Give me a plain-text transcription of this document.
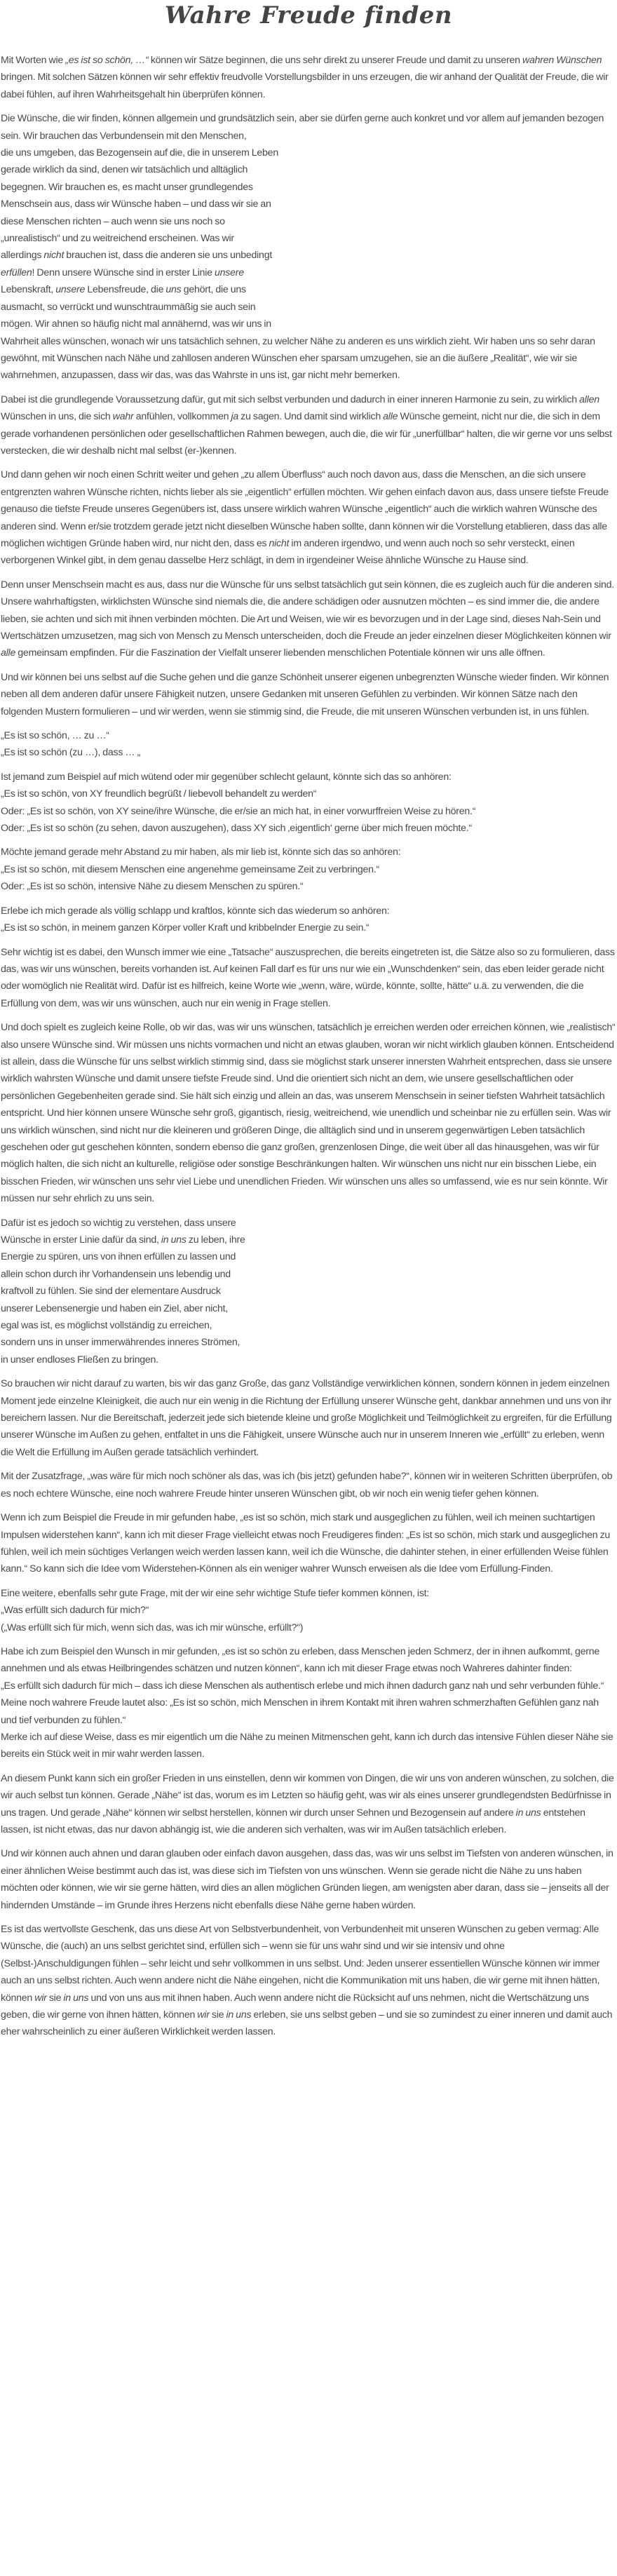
Wahre Freude finden

Mit Worten wie „es ist so schön, …“ können wir Sätze beginnen, die uns sehr direkt zu unserer Freude und damit zu unseren wahren Wünschen bringen. Mit solchen Sätzen können wir sehr effektiv freudvolle Vorstellungsbilder in uns erzeugen, die wir anhand der Qualität der Freude, die wir dabei fühlen, auf ihren Wahrheitsgehalt hin überprüfen können.

Die Wünsche, die wir finden, können allgemein und grundsätzlich sein, aber sie dürfen gerne auch konkret und vor allem auf jemanden bezogen sein. Wir brauchen das Verbundensein mit den Menschen,
die uns umgeben, das Bezogensein auf die, die in unserem Leben
gerade wirklich da sind, denen wir tatsächlich und alltäglich
begegnen. Wir brauchen es, es macht unser grundlegendes
Menschsein aus, dass wir Wünsche haben – und dass wir sie an
diese Menschen richten – auch wenn sie uns noch so
„unrealistisch“ und zu weitreichend erscheinen. Was wir
allerdings nicht brauchen ist, dass die anderen sie uns unbedingt
erfüllen! Denn unsere Wünsche sind in erster Linie unsere
Lebenskraft, unsere Lebensfreude, die uns gehört, die uns
ausmacht, so verrückt und wunschtraummäßig sie auch sein
mögen. Wir ahnen so häufig nicht mal annähernd, was wir uns in
Wahrheit alles wünschen, wonach wir uns tatsächlich sehnen, zu welcher Nähe zu anderen es uns wirklich zieht. Wir haben uns so sehr daran gewöhnt, mit Wünschen nach Nähe und zahllosen anderen Wünschen eher sparsam umzugehen, sie an die äußere „Realität“, wie wir sie wahrnehmen, anzupassen, dass wir das, was das Wahrste in uns ist, gar nicht mehr bemerken.

Dabei ist die grundlegende Voraussetzung dafür, gut mit sich selbst verbunden und dadurch in einer inneren Harmonie zu sein, zu wirklich allen Wünschen in uns, die sich wahr anfühlen, vollkommen ja zu sagen. Und damit sind wirklich alle Wünsche gemeint, nicht nur die, die sich in dem gerade vorhandenen persönlichen oder gesellschaftlichen Rahmen bewegen, auch die, die wir für „unerfüllbar“ halten, die wir gerne vor uns selbst verstecken, die wir deshalb nicht mal selbst (er-)kennen.

Und dann gehen wir noch einen Schritt weiter und gehen „zu allem Überfluss“ auch noch davon aus, dass die Menschen, an die sich unsere entgrenzten wahren Wünsche richten, nichts lieber als sie „eigentlich“ erfüllen möchten. Wir gehen einfach davon aus, dass unsere tiefste Freude genauso die tiefste Freude unseres Gegenübers ist, dass unsere wirklich wahren Wünsche „eigentlich“ auch die wirklich wahren Wünsche des anderen sind. Wenn er/sie trotzdem gerade jetzt nicht dieselben Wünsche haben sollte, dann können wir die Vorstellung etablieren, dass das alle möglichen wichtigen Gründe haben wird, nur nicht den, dass es nicht im anderen irgendwo, und wenn auch noch so sehr versteckt, einen verborgenen Winkel gibt, in dem genau dasselbe Herz schlägt, in dem in irgendeiner Weise ähnliche Wünsche zu Hause sind.

Denn unser Menschsein macht es aus, dass nur die Wünsche für uns selbst tatsächlich gut sein können, die es zugleich auch für die anderen sind. Unsere wahrhaftigsten, wirklichsten Wünsche sind niemals die, die andere schädigen oder ausnutzen möchten – es sind immer die, die andere lieben, sie achten und sich mit ihnen verbinden möchten. Die Art und Weisen, wie wir es bevorzugen und in der Lage sind, dieses Nah-Sein und Wertschätzen umzusetzen, mag sich von Mensch zu Mensch unterscheiden, doch die Freude an jeder einzelnen dieser Möglichkeiten können wir alle gemeinsam empfinden. Für die Faszination der Vielfalt unserer liebenden menschlichen Potentiale können wir uns alle öffnen.

Und wir können bei uns selbst auf die Suche gehen und die ganze Schönheit unserer eigenen unbegrenzten Wünsche wieder finden. Wir können neben all dem anderen dafür unsere Fähigkeit nutzen, unsere Gedanken mit unseren Gefühlen zu verbinden. Wir können Sätze nach den folgenden Mustern formulieren – und wir werden, wenn sie stimmig sind, die Freude, die mit unseren Wünschen verbunden ist, in uns fühlen.

„Es ist so schön, … zu …“
„Es ist so schön (zu …), dass … „

Ist jemand zum Beispiel auf mich wütend oder mir gegenüber schlecht gelaunt, könnte sich das so anhören:
„Es ist so schön, von XY freundlich begrüßt / liebevoll behandelt zu werden“
Oder: „Es ist so schön, von XY seine/ihre Wünsche, die er/sie an mich hat, in einer vorwurffreien Weise zu hören.“
Oder: „Es ist so schön (zu sehen, davon auszugehen), dass XY sich ‚eigentlich‘ gerne über mich freuen möchte.“

Möchte jemand gerade mehr Abstand zu mir haben, als mir lieb ist, könnte sich das so anhören:
„Es ist so schön, mit diesem Menschen eine angenehme gemeinsame Zeit zu verbringen.“
Oder: „Es ist so schön, intensive Nähe zu diesem Menschen zu spüren.“

Erlebe ich mich gerade als völlig schlapp und kraftlos, könnte sich das wiederum so anhören:
„Es ist so schön, in meinem ganzen Körper voller Kraft und kribbelnder Energie zu sein.“

Sehr wichtig ist es dabei, den Wunsch immer wie eine „Tatsache“ auszusprechen, die bereits eingetreten ist, die Sätze also so zu formulieren, dass das, was wir uns wünschen, bereits vorhanden ist. Auf keinen Fall darf es für uns nur wie ein „Wunschdenken“ sein, das eben leider gerade nicht oder womöglich nie Realität wird. Dafür ist es hilfreich, keine Worte wie „wenn, wäre, würde, könnte, sollte, hätte“ u.ä. zu verwenden, die die Erfüllung von dem, was wir uns wünschen, auch nur ein wenig in Frage stellen.

Und doch spielt es zugleich keine Rolle, ob wir das, was wir uns wünschen, tatsächlich je erreichen werden oder erreichen können, wie „realistisch“ also unsere Wünsche sind. Wir müssen uns nichts vormachen und nicht an etwas glauben, woran wir nicht wirklich glauben können. Entscheidend ist allein, dass die Wünsche für uns selbst wirklich stimmig sind, dass sie möglichst stark unserer innersten Wahrheit entsprechen, dass sie unsere wirklich wahrsten Wünsche und damit unsere tiefste Freude sind. Und die orientiert sich nicht an dem, wie unsere gesellschaftlichen oder persönlichen Gegebenheiten gerade sind. Sie hält sich einzig und allein an das, was unserem Menschsein in seiner tiefsten Wahrheit tatsächlich entspricht. Und hier können unsere Wünsche sehr groß, gigantisch, riesig, weitreichend, wie unendlich und scheinbar nie zu erfüllen sein. Was wir uns wirklich wünschen, sind nicht nur die kleineren und größeren Dinge, die alltäglich sind und in unserem gegenwärtigen Leben tatsächlich geschehen oder gut geschehen könnten, sondern ebenso die ganz großen, grenzenlosen Dinge, die weit über all das hinausgehen, was wir für möglich halten, die sich nicht an kulturelle, religiöse oder sonstige Beschränkungen halten. Wir wünschen uns nicht nur ein bisschen Liebe, ein bisschen Frieden, wir wünschen uns sehr viel Liebe und unendlichen Frieden. Wir wünschen uns alles so umfassend, wie es nur sein könnte. Wir müssen nur sehr ehrlich zu uns sein.

Dafür ist es jedoch so wichtig zu verstehen, dass unsere
Wünsche in erster Linie dafür da sind, in uns zu leben, ihre
Energie zu spüren, uns von ihnen erfüllen zu lassen und
allein schon durch ihr Vorhandensein uns lebendig und
kraftvoll zu fühlen. Sie sind der elementare Ausdruck
unserer Lebensenergie und haben ein Ziel, aber nicht,
egal was ist, es möglichst vollständig zu erreichen,
sondern uns in unser immerwährendes inneres Strömen,
in unser endloses Fließen zu bringen.

So brauchen wir nicht darauf zu warten, bis wir das ganz Große, das ganz Vollständige verwirklichen können, sondern können in jedem einzelnen Moment jede einzelne Kleinigkeit, die auch nur ein wenig in die Richtung der Erfüllung unserer Wünsche geht, dankbar annehmen und uns von ihr bereichern lassen. Nur die Bereitschaft, jederzeit jede sich bietende kleine und große Möglichkeit und Teilmöglichkeit zu ergreifen, für die Erfüllung unserer Wünsche im Außen zu gehen, entfaltet in uns die Fähigkeit, unsere Wünsche auch nur in unserem Inneren wie „erfüllt“ zu erleben, wenn die Welt die Erfüllung im Außen gerade tatsächlich verhindert.

Mit der Zusatzfrage, „was wäre für mich noch schöner als das, was ich (bis jetzt) gefunden habe?“, können wir in weiteren Schritten überprüfen, ob es noch echtere Wünsche, eine noch wahrere Freude hinter unseren Wünschen gibt, ob wir noch ein wenig tiefer gehen können.

Wenn ich zum Beispiel die Freude in mir gefunden habe, „es ist so schön, mich stark und ausgeglichen zu fühlen, weil ich meinen suchtartigen Impulsen widerstehen kann“, kann ich mit dieser Frage vielleicht etwas noch Freudigeres finden: „Es ist so schön, mich stark und ausgeglichen zu fühlen, weil ich mein süchtiges Verlangen weich werden lassen kann, weil ich die Wünsche, die dahinter stehen, in einer erfüllenden Weise fühlen kann.“ So kann sich die Idee vom Widerstehen-Können als ein weniger wahrer Wunsch erweisen als die Idee vom Erfüllung-Finden.

Eine weitere, ebenfalls sehr gute Frage, mit der wir eine sehr wichtige Stufe tiefer kommen können, ist:
„Was erfüllt sich dadurch für mich?“
(„Was erfüllt sich für mich, wenn sich das, was ich mir wünsche, erfüllt?“)

Habe ich zum Beispiel den Wunsch in mir gefunden, „es ist so schön zu erleben, dass Menschen jeden Schmerz, der in ihnen aufkommt, gerne annehmen und als etwas Heilbringendes schätzen und nutzen können“, kann ich mit dieser Frage etwas noch Wahreres dahinter finden:
„Es erfüllt sich dadurch für mich – dass ich diese Menschen als authentisch erlebe und mich ihnen dadurch ganz nah und sehr verbunden fühle.“
Meine noch wahrere Freude lautet also: „Es ist so schön, mich Menschen in ihrem Kontakt mit ihren wahren schmerzhaften Gefühlen ganz nah und tief verbunden zu fühlen.“
Merke ich auf diese Weise, dass es mir eigentlich um die Nähe zu meinen Mitmenschen geht, kann ich durch das intensive Fühlen dieser Nähe sie bereits ein Stück weit in mir wahr werden lassen.

An diesem Punkt kann sich ein großer Frieden in uns einstellen, denn wir kommen von Dingen, die wir uns von anderen wünschen, zu solchen, die wir auch selbst tun können. Gerade „Nähe“ ist das, worum es im Letzten so häufig geht, was wir als eines unserer grundlegendsten Bedürfnisse in uns tragen. Und gerade „Nähe“ können wir selbst herstellen, können wir durch unser Sehnen und Bezogensein auf andere in uns entstehen lassen, ist nicht etwas, das nur davon abhängig ist, wie die anderen sich verhalten, was wir im Außen tatsächlich erleben.

Und wir können auch ahnen und daran glauben oder einfach davon ausgehen, dass das, was wir uns selbst im Tiefsten von anderen wünschen, in einer ähnlichen Weise bestimmt auch das ist, was diese sich im Tiefsten von uns wünschen. Wenn sie gerade nicht die Nähe zu uns haben möchten oder können, wie wir sie gerne hätten, wird dies an allen möglichen Gründen liegen, am wenigsten aber daran, dass sie – jenseits all der hindernden Umstände – im Grunde ihres Herzens nicht ebenfalls diese Nähe gerne haben würden.

Es ist das wertvollste Geschenk, das uns diese Art von Selbstverbundenheit, von Verbundenheit mit unseren Wünschen zu geben vermag: Alle Wünsche, die (auch) an uns selbst gerichtet sind, erfüllen sich – wenn sie für uns wahr sind und wir sie intensiv und ohne (Selbst-)Anschuldigungen fühlen – sehr leicht und sehr vollkommen in uns selbst. Und: Jeden unserer essentiellen Wünsche können wir immer auch an uns selbst richten. Auch wenn andere nicht die Nähe eingehen, nicht die Kommunikation mit uns haben, die wir gerne mit ihnen hätten, können wir sie in uns und von uns aus mit ihnen haben. Auch wenn andere nicht die Rücksicht auf uns nehmen, nicht die Wertschätzung uns geben, die wir gerne von ihnen hätten, können wir sie in uns erleben, sie uns selbst geben – und sie so zumindest zu einer inneren und damit auch eher wahrscheinlich zu einer äußeren Wirklichkeit werden lassen.
